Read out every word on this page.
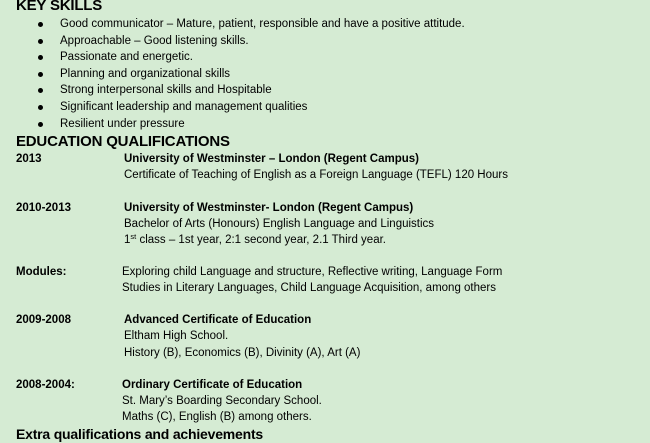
KEY SKILLS
Good communicator – Mature, patient, responsible and have a positive attitude.
Approachable – Good listening skills.
Passionate and energetic.
Planning and organizational skills
Strong interpersonal skills and Hospitable
Significant leadership and management qualities
Resilient under pressure
EDUCATION QUALIFICATIONS
2013	University of Westminster – London (Regent Campus)
Certificate of Teaching of English as a Foreign Language (TEFL) 120 Hours
2010-2013	University of Westminster- London (Regent Campus)
Bachelor of Arts (Honours) English Language and Linguistics
1st class – 1st year, 2:1 second year, 2.1 Third year.
Modules:	Exploring child Language and structure, Reflective writing, Language Form
Studies in Literary Languages, Child Language Acquisition, among others
2009-2008	Advanced Certificate of Education
Eltham High School.
History (B), Economics (B), Divinity (A), Art (A)
2008-2004:	Ordinary Certificate of Education
St. Mary’s Boarding Secondary School.
Maths (C), English (B) among others.
Extra qualifications and achievements
